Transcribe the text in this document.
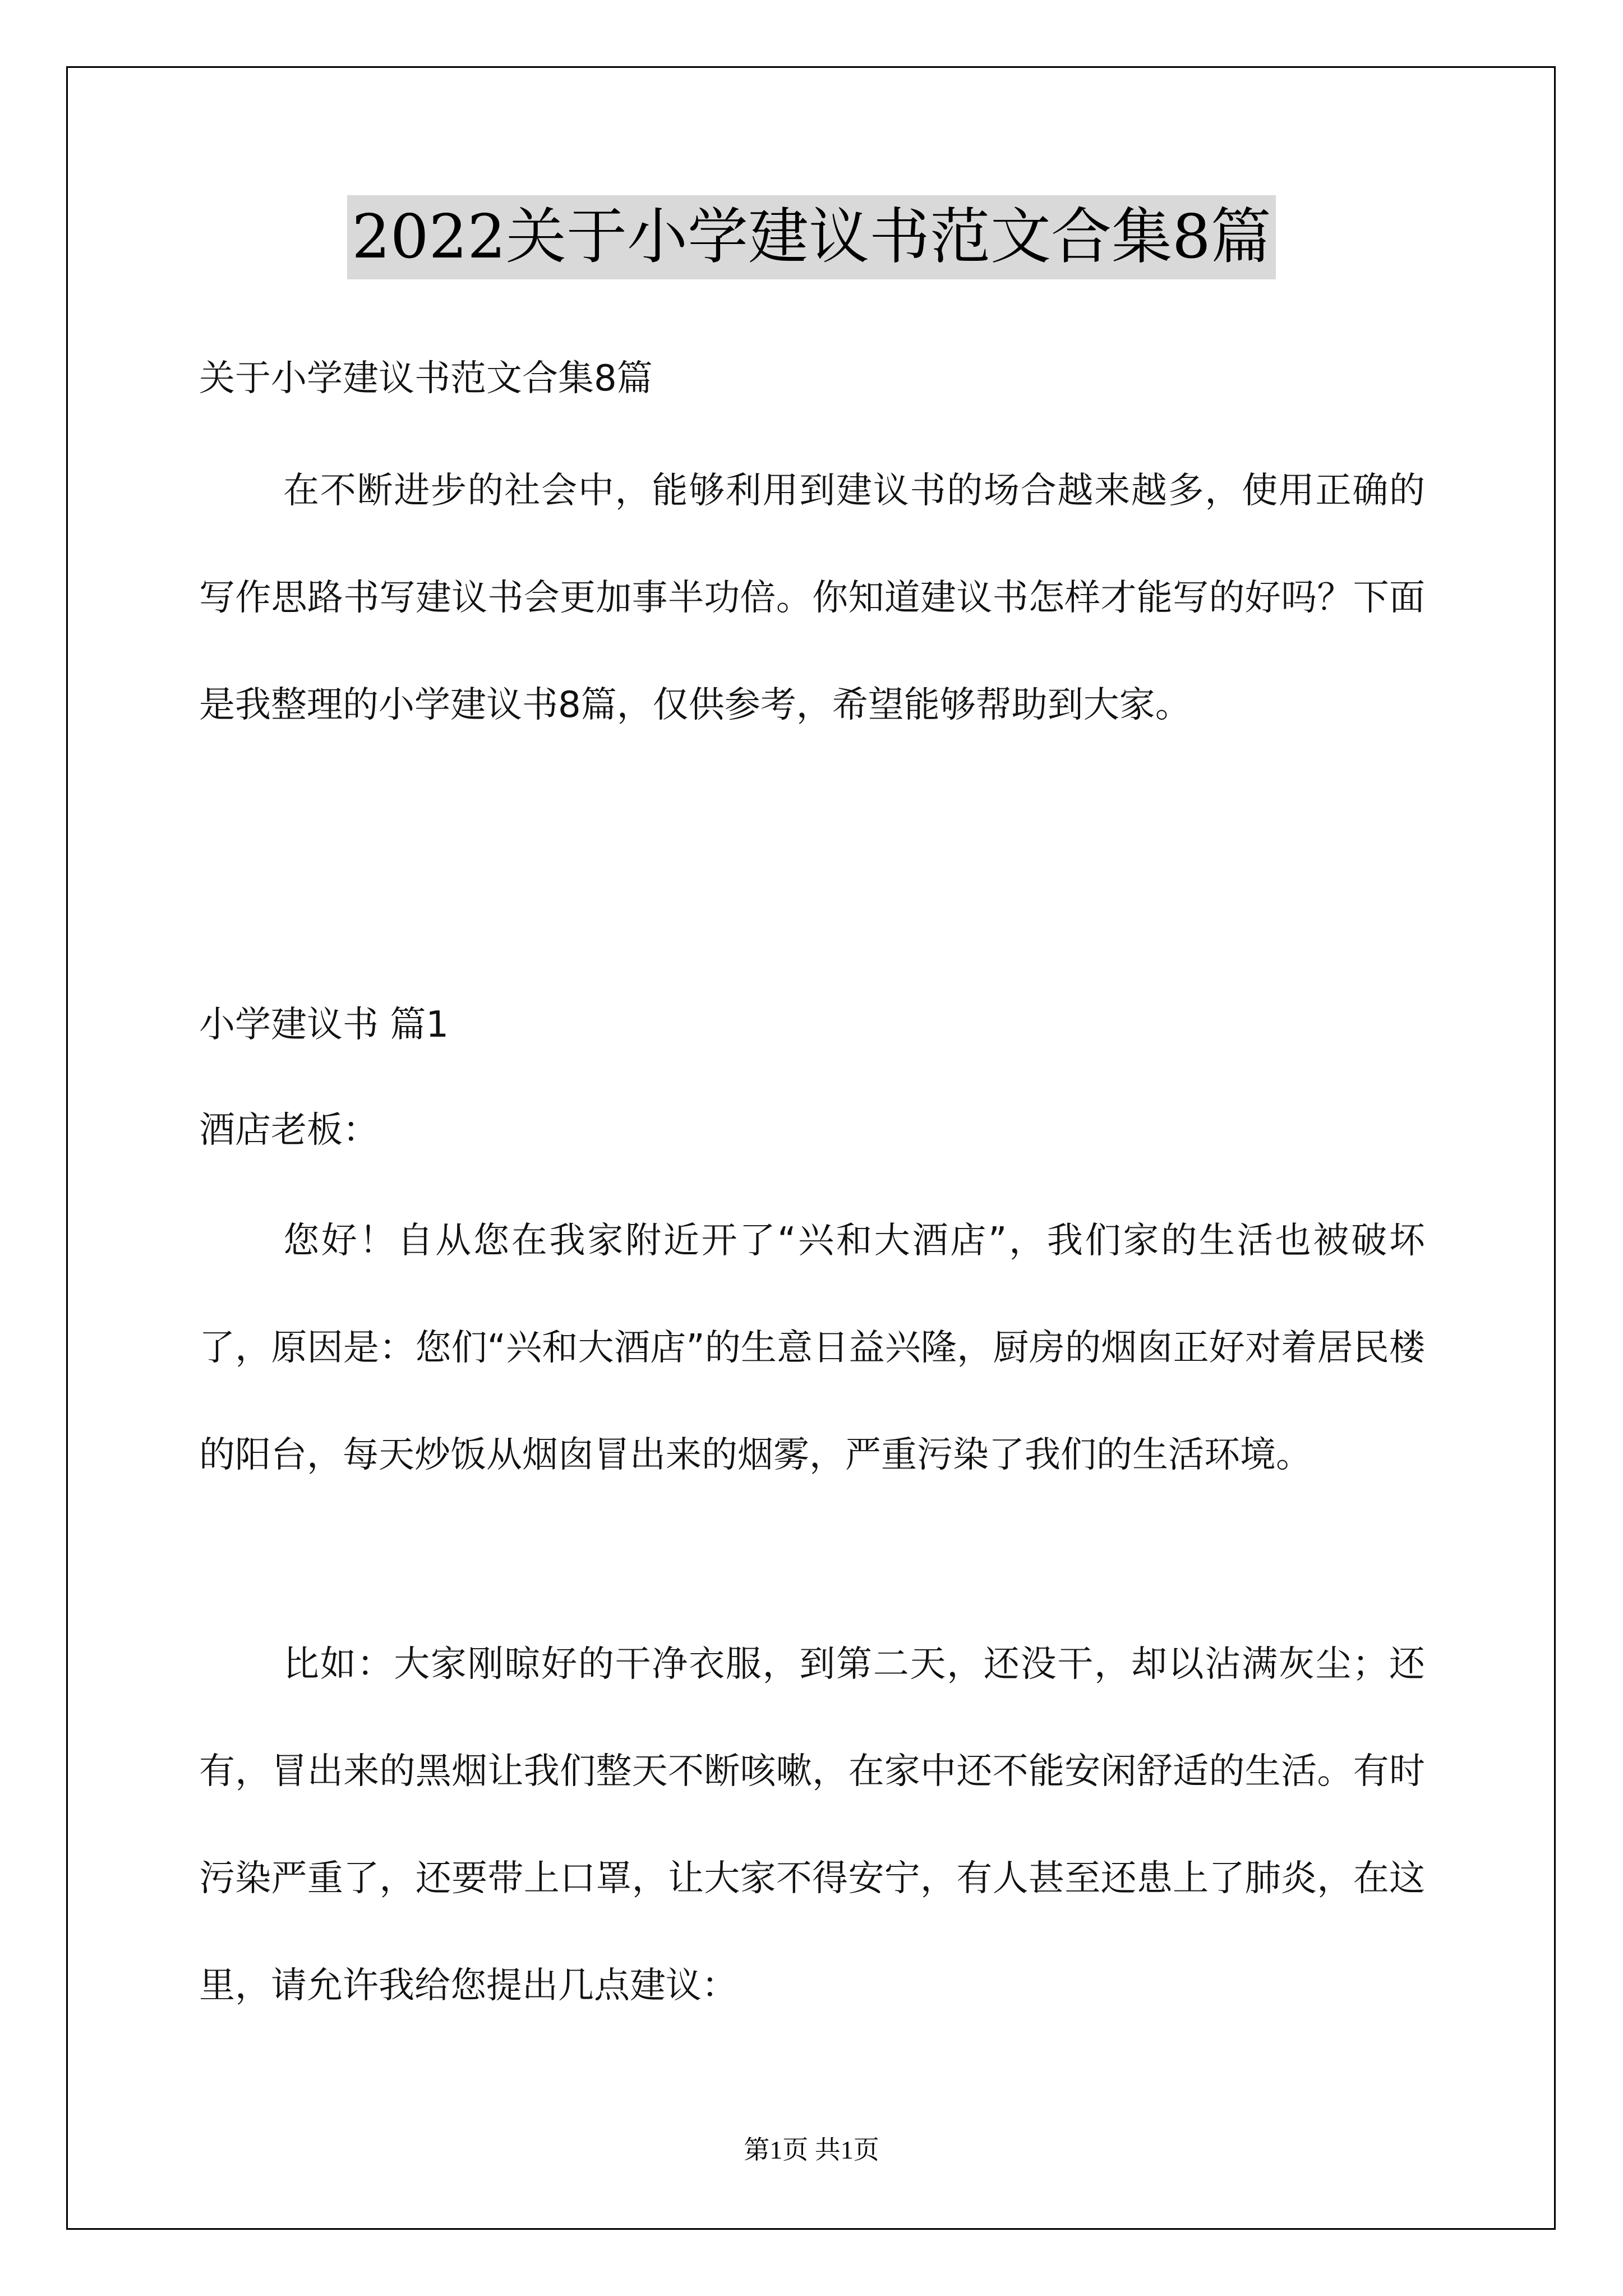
2022关于小学建议书范文合集8篇

关于小学建议书范文合集8篇

在不断进步的社会中，能够利用到建议书的场合越来越多，使用正确的写作思路书写建议书会更加事半功倍。你知道建议书怎样才能写的好吗？下面是我整理的小学建议书8篇，仅供参考，希望能够帮助到大家。

小学建议书 篇1

酒店老板：

您好！自从您在我家附近开了“兴和大酒店”，我们家的生活也被破坏了，原因是：您们“兴和大酒店”的生意日益兴隆，厨房的烟囱正好对着居民楼的阳台，每天炒饭从烟囱冒出来的烟雾，严重污染了我们的生活环境。

比如：大家刚晾好的干净衣服，到第二天，还没干，却以沾满灰尘；还有，冒出来的黑烟让我们整天不断咳嗽，在家中还不能安闲舒适的生活。有时污染严重了，还要带上口罩，让大家不得安宁，有人甚至还患上了肺炎，在这里，请允许我给您提出几点建议：

第1页 共1页
